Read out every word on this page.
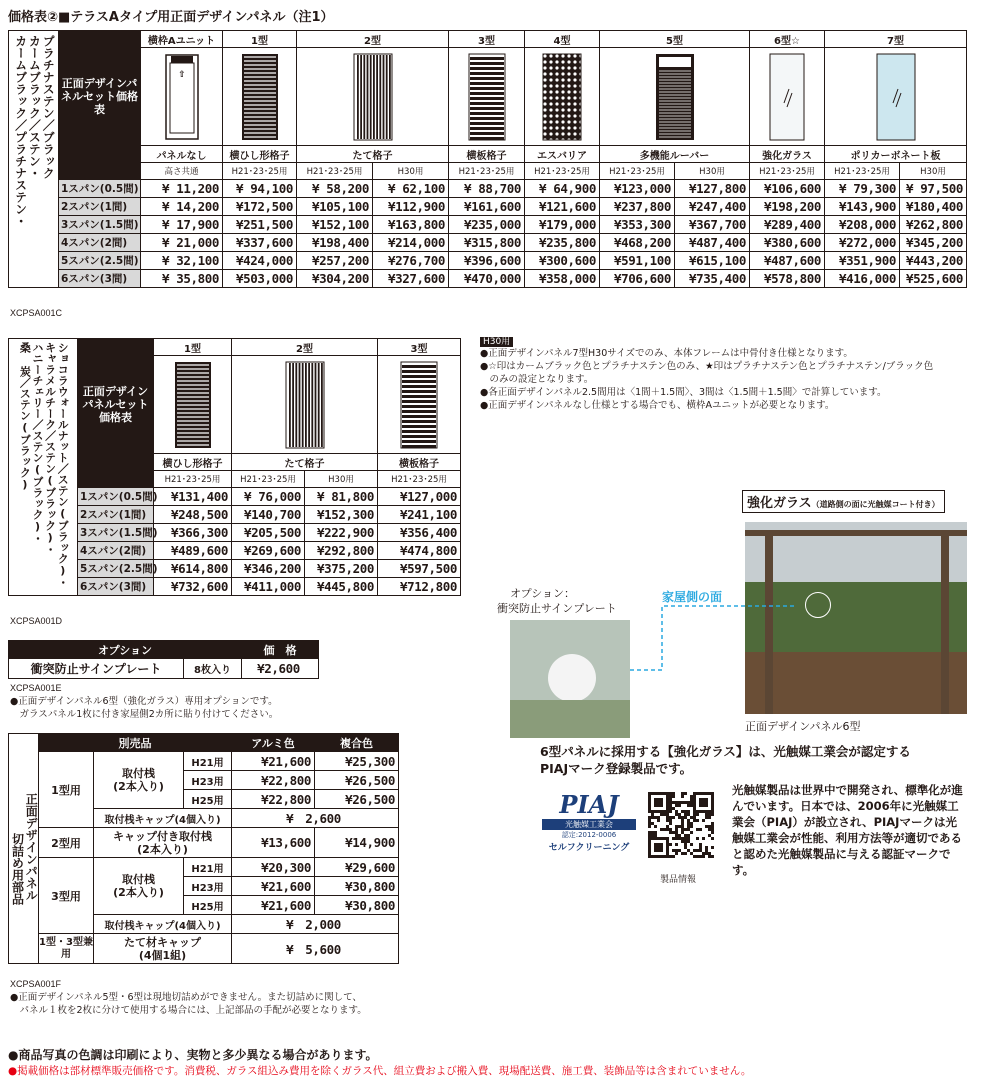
価格表②■テラスAタイプ用正面デザインパネル（注1）
プラチナステン／ブラック
カームブラック／ステン・
カームブラック／プラチナステン・	正面デザインパネルセット価格表	横枠Aユニット	1型	2型		3型	4型	5型		6型☆	7型	

⇧

		パネルなし	横ひし形格子	たて格子		横板格子	エスバリア	多機能ルーバー		強化ガラス	ポリカーボネート板	
		高さ共通	H21･23･25用	H21･23･25用	H30用	H21･23･25用	H21･23･25用	H21･23･25用	H30用	H21･23･25用	H21･23･25用	H30用
	1スパン(0.5間)	¥ 11,200	¥ 94,100	¥ 58,200	¥ 62,100	¥ 88,700	¥ 64,900	¥123,000	¥127,800	¥106,600	¥ 79,300	¥ 97,500
	2スパン(1間)	¥ 14,200	¥172,500	¥105,100	¥112,900	¥161,600	¥121,600	¥237,800	¥247,400	¥198,200	¥143,900	¥180,400
	3スパン(1.5間)	¥ 17,900	¥251,500	¥152,100	¥163,800	¥235,000	¥179,000	¥353,300	¥367,700	¥289,400	¥208,000	¥262,800
	4スパン(2間)	¥ 21,000	¥337,600	¥198,400	¥214,000	¥315,800	¥235,800	¥468,200	¥487,400	¥380,600	¥272,000	¥345,200
	5スパン(2.5間)	¥ 32,100	¥424,000	¥257,200	¥276,700	¥396,600	¥300,600	¥591,100	¥615,100	¥487,600	¥351,900	¥443,200
	6スパン(3間)	¥ 35,800	¥503,000	¥304,200	¥327,600	¥470,000	¥358,000	¥706,600	¥735,400	¥578,800	¥416,000	¥525,600
XCPSA001C
ショコラウォールナット／ステン(ブラック)・
キャラメルチーク／ステン(ブラック)・
ハニーチェリー／ステン(ブラック)・
桑 炭／ステン(ブラック)	正面デザインパネルセット価格表	1型	2型		3型

		横ひし形格子	たて格子		横板格子
		H21･23･25用	H21･23･25用	H30用	H21･23･25用
	1スパン(0.5間)	¥131,400	¥ 76,000	¥ 81,800	¥127,000
	2スパン(1間)	¥248,500	¥140,700	¥152,300	¥241,100
	3スパン(1.5間)	¥366,300	¥205,500	¥222,900	¥356,400
	4スパン(2間)	¥489,600	¥269,600	¥292,800	¥474,800
	5スパン(2.5間)	¥614,800	¥346,200	¥375,200	¥597,500
	6スパン(3間)	¥732,600	¥411,000	¥445,800	¥712,800
XCPSA001D
H30用
●正面デザインパネル7型H30サイズでのみ、本体フレームは中骨付き仕様となります。
●☆印はカームブラック色とプラチナステン色のみ、★印はプラチナステン色とプラチナステン/ブラック色
　のみの設定となります。
●各正面デザインパネル2.5間用は〈1間＋1.5間〉、3間は〈1.5間＋1.5間〉で計算しています。
●正面デザインパネルなし仕様とする場合でも、横枠Aユニットが必要となります。
オプション		価　格
衝突防止サインプレート	8枚入り	¥2,600
XCPSA001E
●正面デザインパネル6型（強化ガラス）専用オプションです。
　ガラスパネル1枚に付き家屋側2カ所に貼り付けてください。
正面デザインパネル
切詰め用部品	別売品			アルミ色	複合色
	1型用	取付桟
(2本入り)	H21用	¥21,600	¥25,300
			H23用	¥22,800	¥26,500
			H25用	¥22,800	¥26,500
		取付桟キャップ(4個入り)		¥　2,600	
	2型用	キャップ付き取付桟
(2本入り)		¥13,600	¥14,900
	3型用	取付桟
(2本入り)	H21用	¥20,300	¥29,600
			H23用	¥21,600	¥30,800
			H25用	¥21,600	¥30,800
		取付桟キャップ(4個入り)		¥　2,000	
	1型・3型兼　用	たて材キャップ
(4個1組)		¥　5,600	
XCPSA001F
●正面デザインパネル5型・6型は現地切詰めができません。また切詰めに関して、
　パネル１枚を2枚に分けて使用する場合には、上記部品の手配が必要となります。
強化ガラス（道路側の面に光触媒コート付き）
正面デザインパネル6型
オプション：
衝突防止サインプレート
家屋側の面
6型パネルに採用する【強化ガラス】は、光触媒工業会が認定する
PIAJマーク登録製品です。
PIAJ
光触媒工業会
認定:2012-0006
セルフクリーニング
製品情報
光触媒製品は世界中で開発され、標準化が進んでいます。日本では、2006年に光触媒工業会（PIAJ）が設立され、PIAJマークは光触媒工業会が性能、利用方法等が適切であると認めた光触媒製品に与える認証マークです。
●商品写真の色調は印刷により、実物と多少異なる場合があります。
●掲載価格は部材標準販売価格です。消費税、ガラス組込み費用を除くガラス代、組立費および搬入費、現場配送費、施工費、装飾品等は含まれていません。
